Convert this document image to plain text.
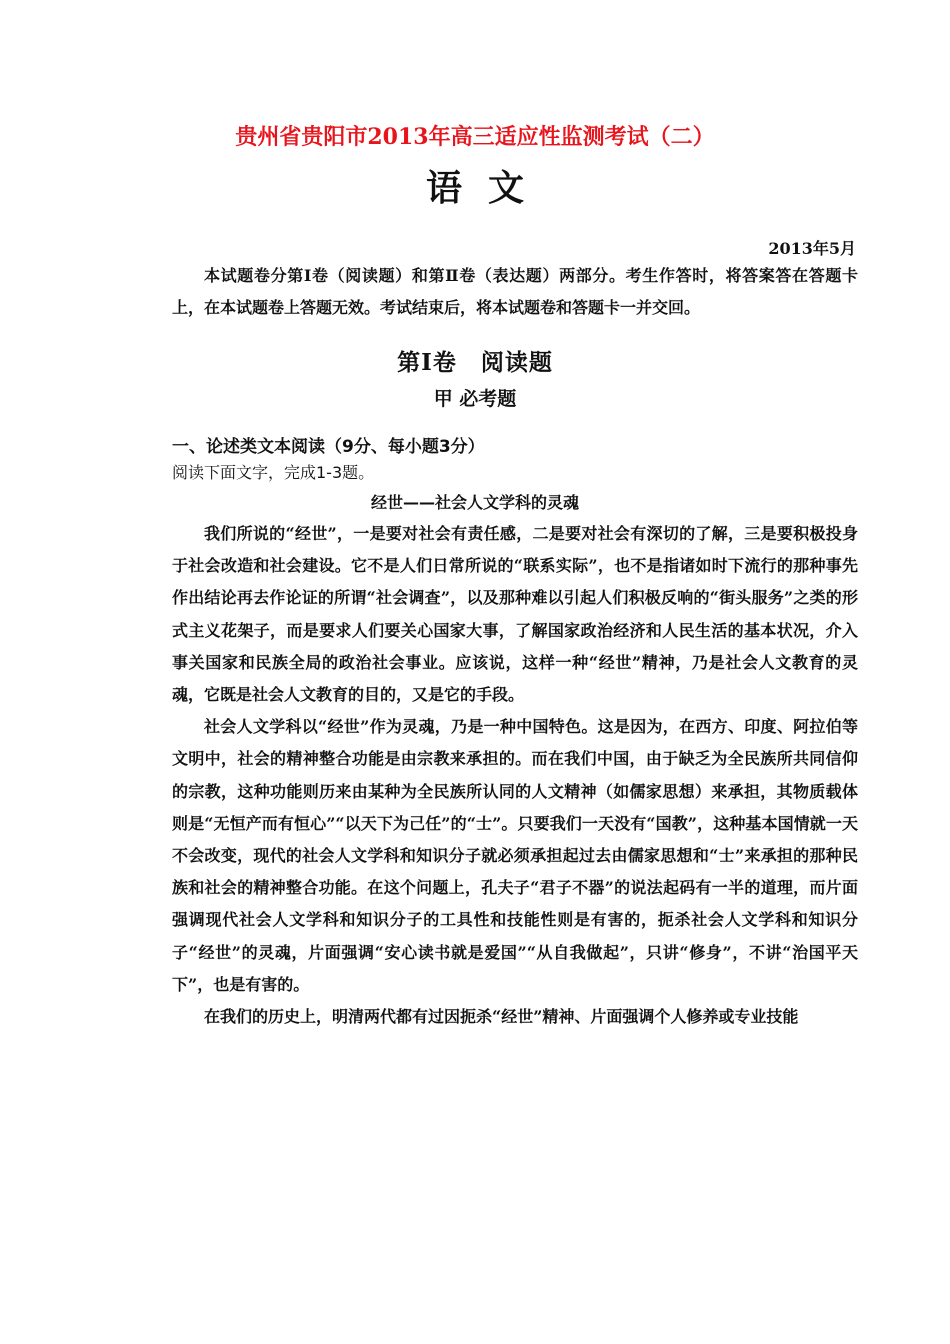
贵州省贵阳市2013年高三适应性监测考试（二）
语文
2013年5月
本试题卷分第Ⅰ卷（阅读题）和第Ⅱ卷（表达题）两部分。考生作答时，将答案答在答题卡上，在本试题卷上答题无效。考试结束后，将本试题卷和答题卡一并交回。
第Ⅰ卷　阅读题
甲 必考题
一、论述类文本阅读（9分、每小题3分）
阅读下面文字，完成1-3题。
经世——社会人文学科的灵魂

我们所说的“经世”，一是要对社会有责任感，二是要对社会有深切的了解，三是要积极投身于社会改造和社会建设。它不是人们日常所说的“联系实际”，也不是指诸如时下流行的那种事先作出结论再去作论证的所谓“社会调查”，以及那种难以引起人们积极反响的“街头服务”之类的形式主义花架子，而是要求人们要关心国家大事，了解国家政治经济和人民生活的基本状况，介入事关国家和民族全局的政治社会事业。应该说，这样一种“经世”精神，乃是社会人文教育的灵魂，它既是社会人文教育的目的，又是它的手段。

社会人文学科以“经世”作为灵魂，乃是一种中国特色。这是因为，在西方、印度、阿拉伯等文明中，社会的精神整合功能是由宗教来承担的。而在我们中国，由于缺乏为全民族所共同信仰的宗教，这种功能则历来由某种为全民族所认同的人文精神（如儒家思想）来承担，其物质载体则是“无恒产而有恒心”“以天下为己任”的“士”。只要我们一天没有“国教”，这种基本国情就一天不会改变，现代的社会人文学科和知识分子就必须承担起过去由儒家思想和“士”来承担的那种民族和社会的精神整合功能。在这个问题上，孔夫子“君子不器”的说法起码有一半的道理，而片面强调现代社会人文学科和知识分子的工具性和技能性则是有害的，扼杀社会人文学科和知识分子“经世”的灵魂，片面强调“安心读书就是爱国”“从自我做起”，只讲“修身”，不讲“治国平天下”，也是有害的。

在我们的历史上，明清两代都有过因扼杀“经世”精神、片面强调个人修养或专业技能
